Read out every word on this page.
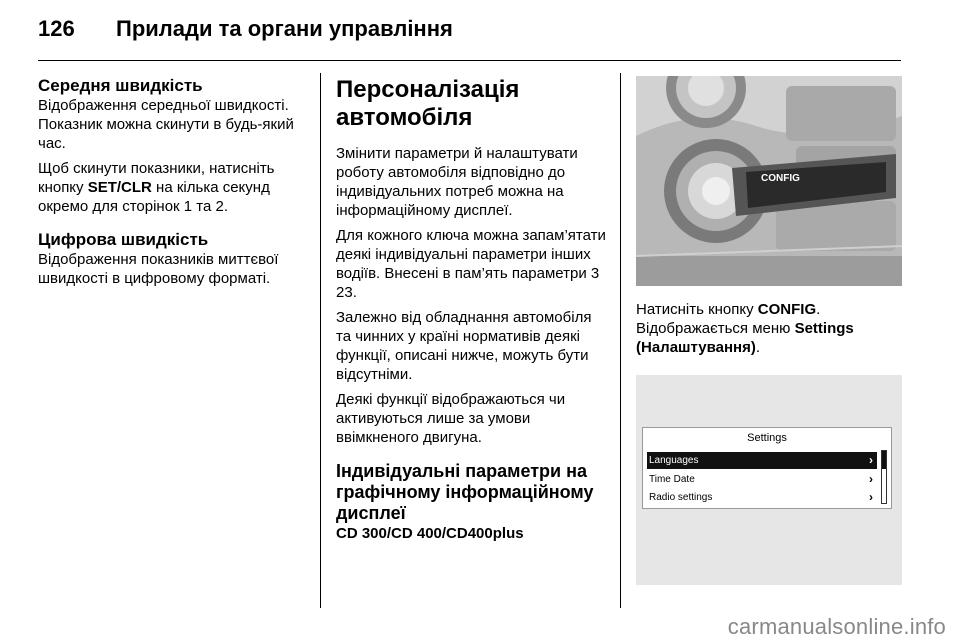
126	Прилади та органи управління
Середня швидкість

Відображення середньої швидкості. Показник можна скинути в будь-який час.

Щоб скинути показники, натисніть кнопку SET/CLR на кілька секунд окремо для сторінок 1 та 2.

Цифрова швидкість

Відображення показників миттєвої швидкості в цифровому форматі.

Персоналізація
автомобіля

Змінити параметри й налаштувати роботу автомобіля відповідно до індивідуальних потреб можна на інформаційному дисплеї.

Для кожного ключа можна запам’ятати деякі індивідуальні параметри інших водіїв. Внесені в пам’ять параметри 3 23.

Залежно від обладнання автомобіля та чинних у країні нормативів деякі функції, описані нижче, можуть бути відсутніми.

Деякі функції відображаються чи активуються лише за умови ввімкненого двигуна.

Індивідуальні параметри на графічному інформаційному дисплеї
CD 300/CD 400/CD400plus
CONFIG

Натисніть кнопку CONFIG.

Відображається меню Settings (Налаштування).

Settings
Languages	›
Time Date	›
Radio settings	›
carmanualsonline.info
